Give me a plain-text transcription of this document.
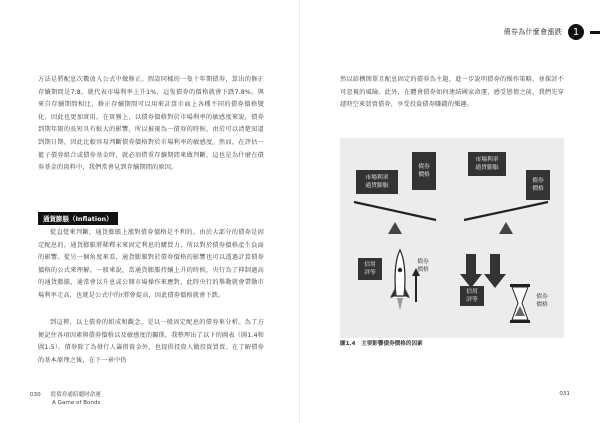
方法是將配息次數放入公式中做修正。假設同樣的一隻十年期債券，算出的修正存續期間是7.8，就代表市場利率上升1%，這隻債券的價格就會下跌7.8%。與來自存續期間相比，修正存續期間可以用來計算市面上各種不同的債券價格變化，因此也更加實用。在實務上，以債券價格對於市場利率的敏感度來說，債券到期年限的長短具有較大的影響，所以被視為一債券的時候，由於可以清楚知道到期日期，因此比較容易判斷債券價格對於市場利率的敏感度。然而，在評估一籃子債券組合或債券基金時，就必須借重存續期間來做判斷，這也是為什麼在債券基金的資料中，我們常會見到存續期間的原因。

通貨膨脹（Inflation）

從直覺來判斷，通貨膨脹上漲對債券價格是不利的。由於大部分的債券是固定配息的，通貨膨脹將稀釋未來固定利息的購買力，所以對於債券價格產生負面的影響。從另一個角度來看，通貨膨脹對於債券價格的影響也可以透過計算債券價格的公式來理解。一般來說，當通貨膨脹持續上升的時候，央行為了抑制過高的通貨膨脹，通常會以升息或公開市場操作來應對，此時央行的舉動就會帶動市場利率走高，也就是公式中的r將會提高，因此債券價格就會下跌。

到這裡，以上債券的組成和觀念，是以一般固定配息的債券來分析。為了方便記住各項因素與債券價格以及敏感度的關係，我整理出了以下的圖表（圖1.4和圖1.5）。債券除了為發行人籌措資金外，也提供投資人做投資買賣。在了解債券的基本原理之後，在下一章中仍

030 從債券通賠聽財命運
A Game of Bonds
債券為什麼會漲跌	1

然以結構簡單且配息固定的債券為主題，進一步說明債券的操作策略，並探討不可忽視的風險。此外，在體會債券如何連結國家命運、感受戀情之前，我們先穿越時空來買賣債券，享受投資債券賺錢的樂趣。

031
市場利率
通貨膨脹
債券
價格
市場利率
通貨膨脹
債券
價格
信用
評等
債券
價格
信用
評等
債券
價格
圖1.4　主要影響債券價格的因素
